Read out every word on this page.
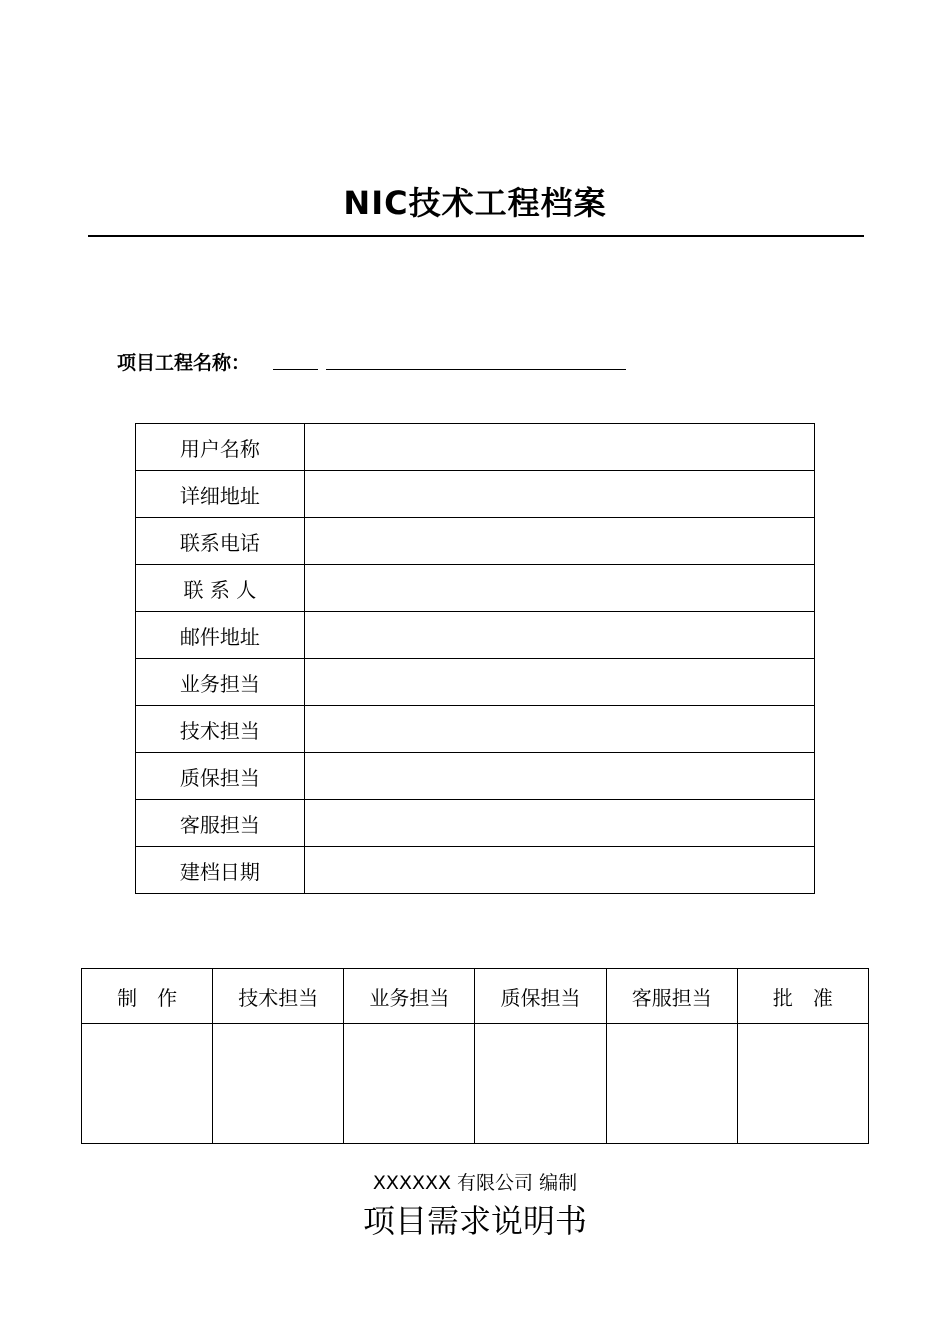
NIC技术工程档案
项目工程名称：
用户名称	
详细地址	
联系电话	
联 系 人	
邮件地址	
业务担当	
技术担当	
质保担当	
客服担当	
建档日期	
制　作	技术担当	业务担当	质保担当	客服担当	批　准

XXXXXX 有限公司 编制
项目需求说明书
